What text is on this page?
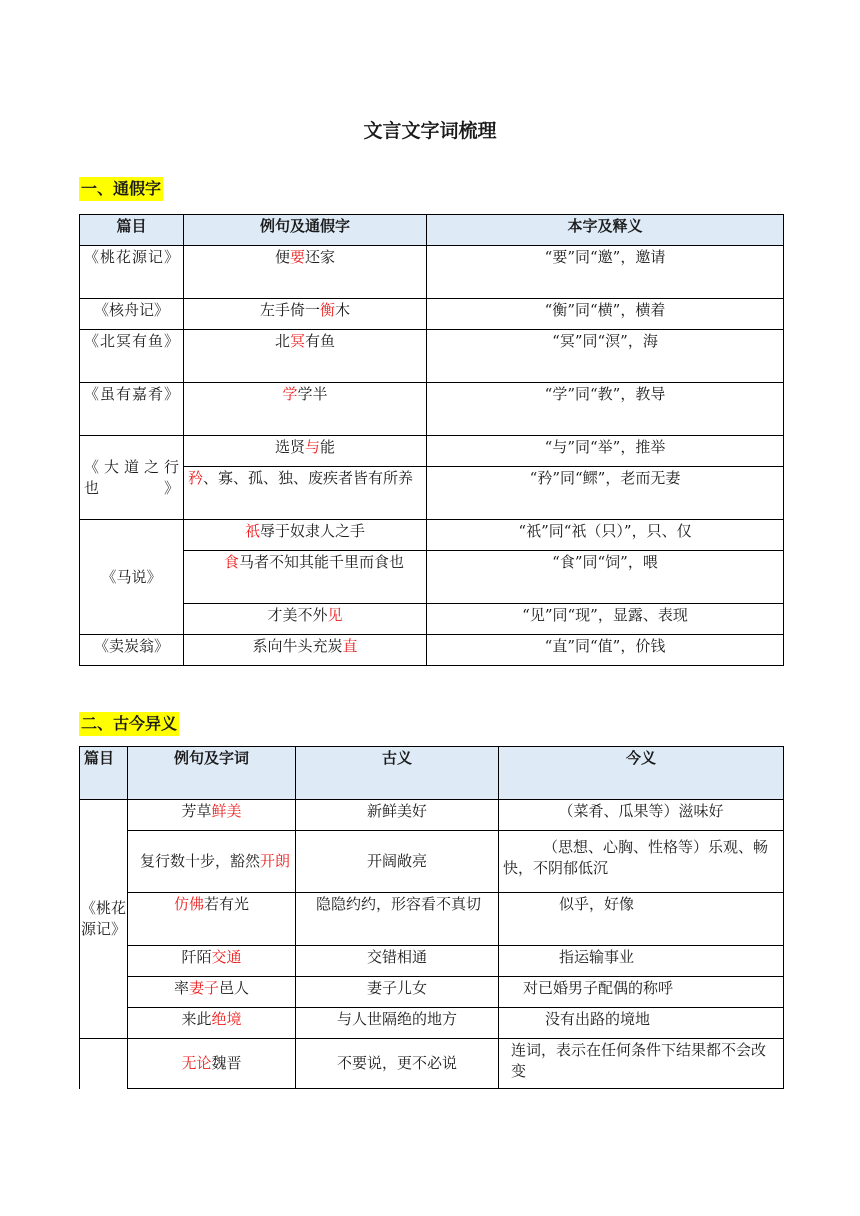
文言文字词梳理
一、通假字
篇目	例句及通假字	本字及释义
《桃花源记》	便要还家	“要”同“邀”，邀请
《核舟记》	左手倚一衡木	“衡”同“横”，横着
《北冥有鱼》	北冥有鱼	“冥”同“溟”，海
《虽有嘉肴》	学学半	“学”同“教”，教导
《大道之行也》	选贤与能	“与”同“举”，推举
	矜、寡、孤、独、废疾者皆有所养	“矜”同“鳏”，老而无妻
《马说》	祇辱于奴隶人之手	“祇”同“祇（只）”，只、仅
	食马者不知其能千里而食也	“食”同“饲”，喂
	才美不外见	“见”同“现”，显露、表现
《卖炭翁》	系向牛头充炭直	“直”同“值”，价钱
二、古今异义
篇目	例句及字词	古义	今义
《桃花源记》	芳草鲜美	新鲜美好	（菜肴、瓜果等）滋味好
	复行数十步，豁然开朗	开阔敞亮	（思想、心胸、性格等）乐观、畅快，不阴郁低沉
	仿佛若有光	隐隐约约，形容看不真切	似乎，好像
	阡陌交通	交错相通	指运输事业
	率妻子邑人	妻子儿女	对已婚男子配偶的称呼
	来此绝境	与人世隔绝的地方	没有出路的境地
	无论魏晋	不要说，更不必说	连词，表示在任何条件下结果都不会改变
